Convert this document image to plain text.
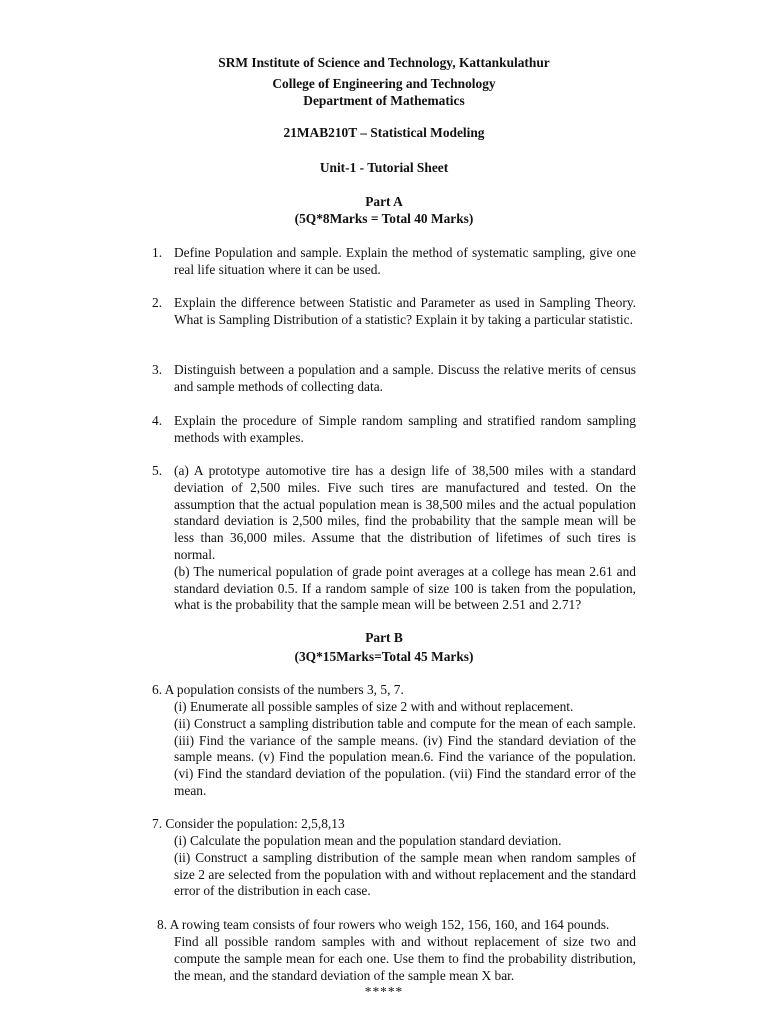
SRM Institute of Science and Technology, Kattankulathur
College of Engineering and Technology
Department of Mathematics
21MAB210T – Statistical Modeling
Unit-1 - Tutorial Sheet
Part A
(5Q*8Marks = Total 40 Marks)
1. Define Population and sample. Explain the method of systematic sampling, give one real life situation where it can be used.

2. Explain the difference between Statistic and Parameter as used in Sampling Theory. What is Sampling Distribution of a statistic? Explain it by taking a particular statistic.

3. Distinguish between a population and a sample. Discuss the relative merits of census and sample methods of collecting data.

4. Explain the procedure of Simple random sampling and stratified random sampling methods with examples.

5. (a) A prototype automotive tire has a design life of 38,500 miles with a standard deviation of 2,500 miles. Five such tires are manufactured and tested. On the assumption that the actual population mean is 38,500 miles and the actual population standard deviation is 2,500 miles, find the probability that the sample mean will be less than 36,000 miles. Assume that the distribution of lifetimes of such tires is normal.

(b) The numerical population of grade point averages at a college has mean 2.61 and standard deviation 0.5. If a random sample of size 100 is taken from the population, what is the probability that the sample mean will be between 2.51 and 2.71?

Part B
(3Q*15Marks=Total 45 Marks)
6. A population consists of the numbers 3, 5, 7.

(i) Enumerate all possible samples of size 2 with and without replacement.

(ii) Construct a sampling distribution table and compute for the mean of each sample. (iii) Find the variance of the sample means. (iv) Find the standard deviation of the sample means. (v) Find the population mean.6. Find the variance of the population. (vi) Find the standard deviation of the population. (vii) Find the standard error of the mean.

7. Consider the population: 2,5,8,13

(i) Calculate the population mean and the population standard deviation.

(ii) Construct a sampling distribution of the sample mean when random samples of size 2 are selected from the population with and without replacement and the standard error of the distribution in each case.

8. A rowing team consists of four rowers who weigh 152, 156, 160, and 164 pounds.

Find all possible random samples with and without replacement of size two and compute the sample mean for each one. Use them to find the probability distribution, the mean, and the standard deviation of the sample mean X bar.

*****
